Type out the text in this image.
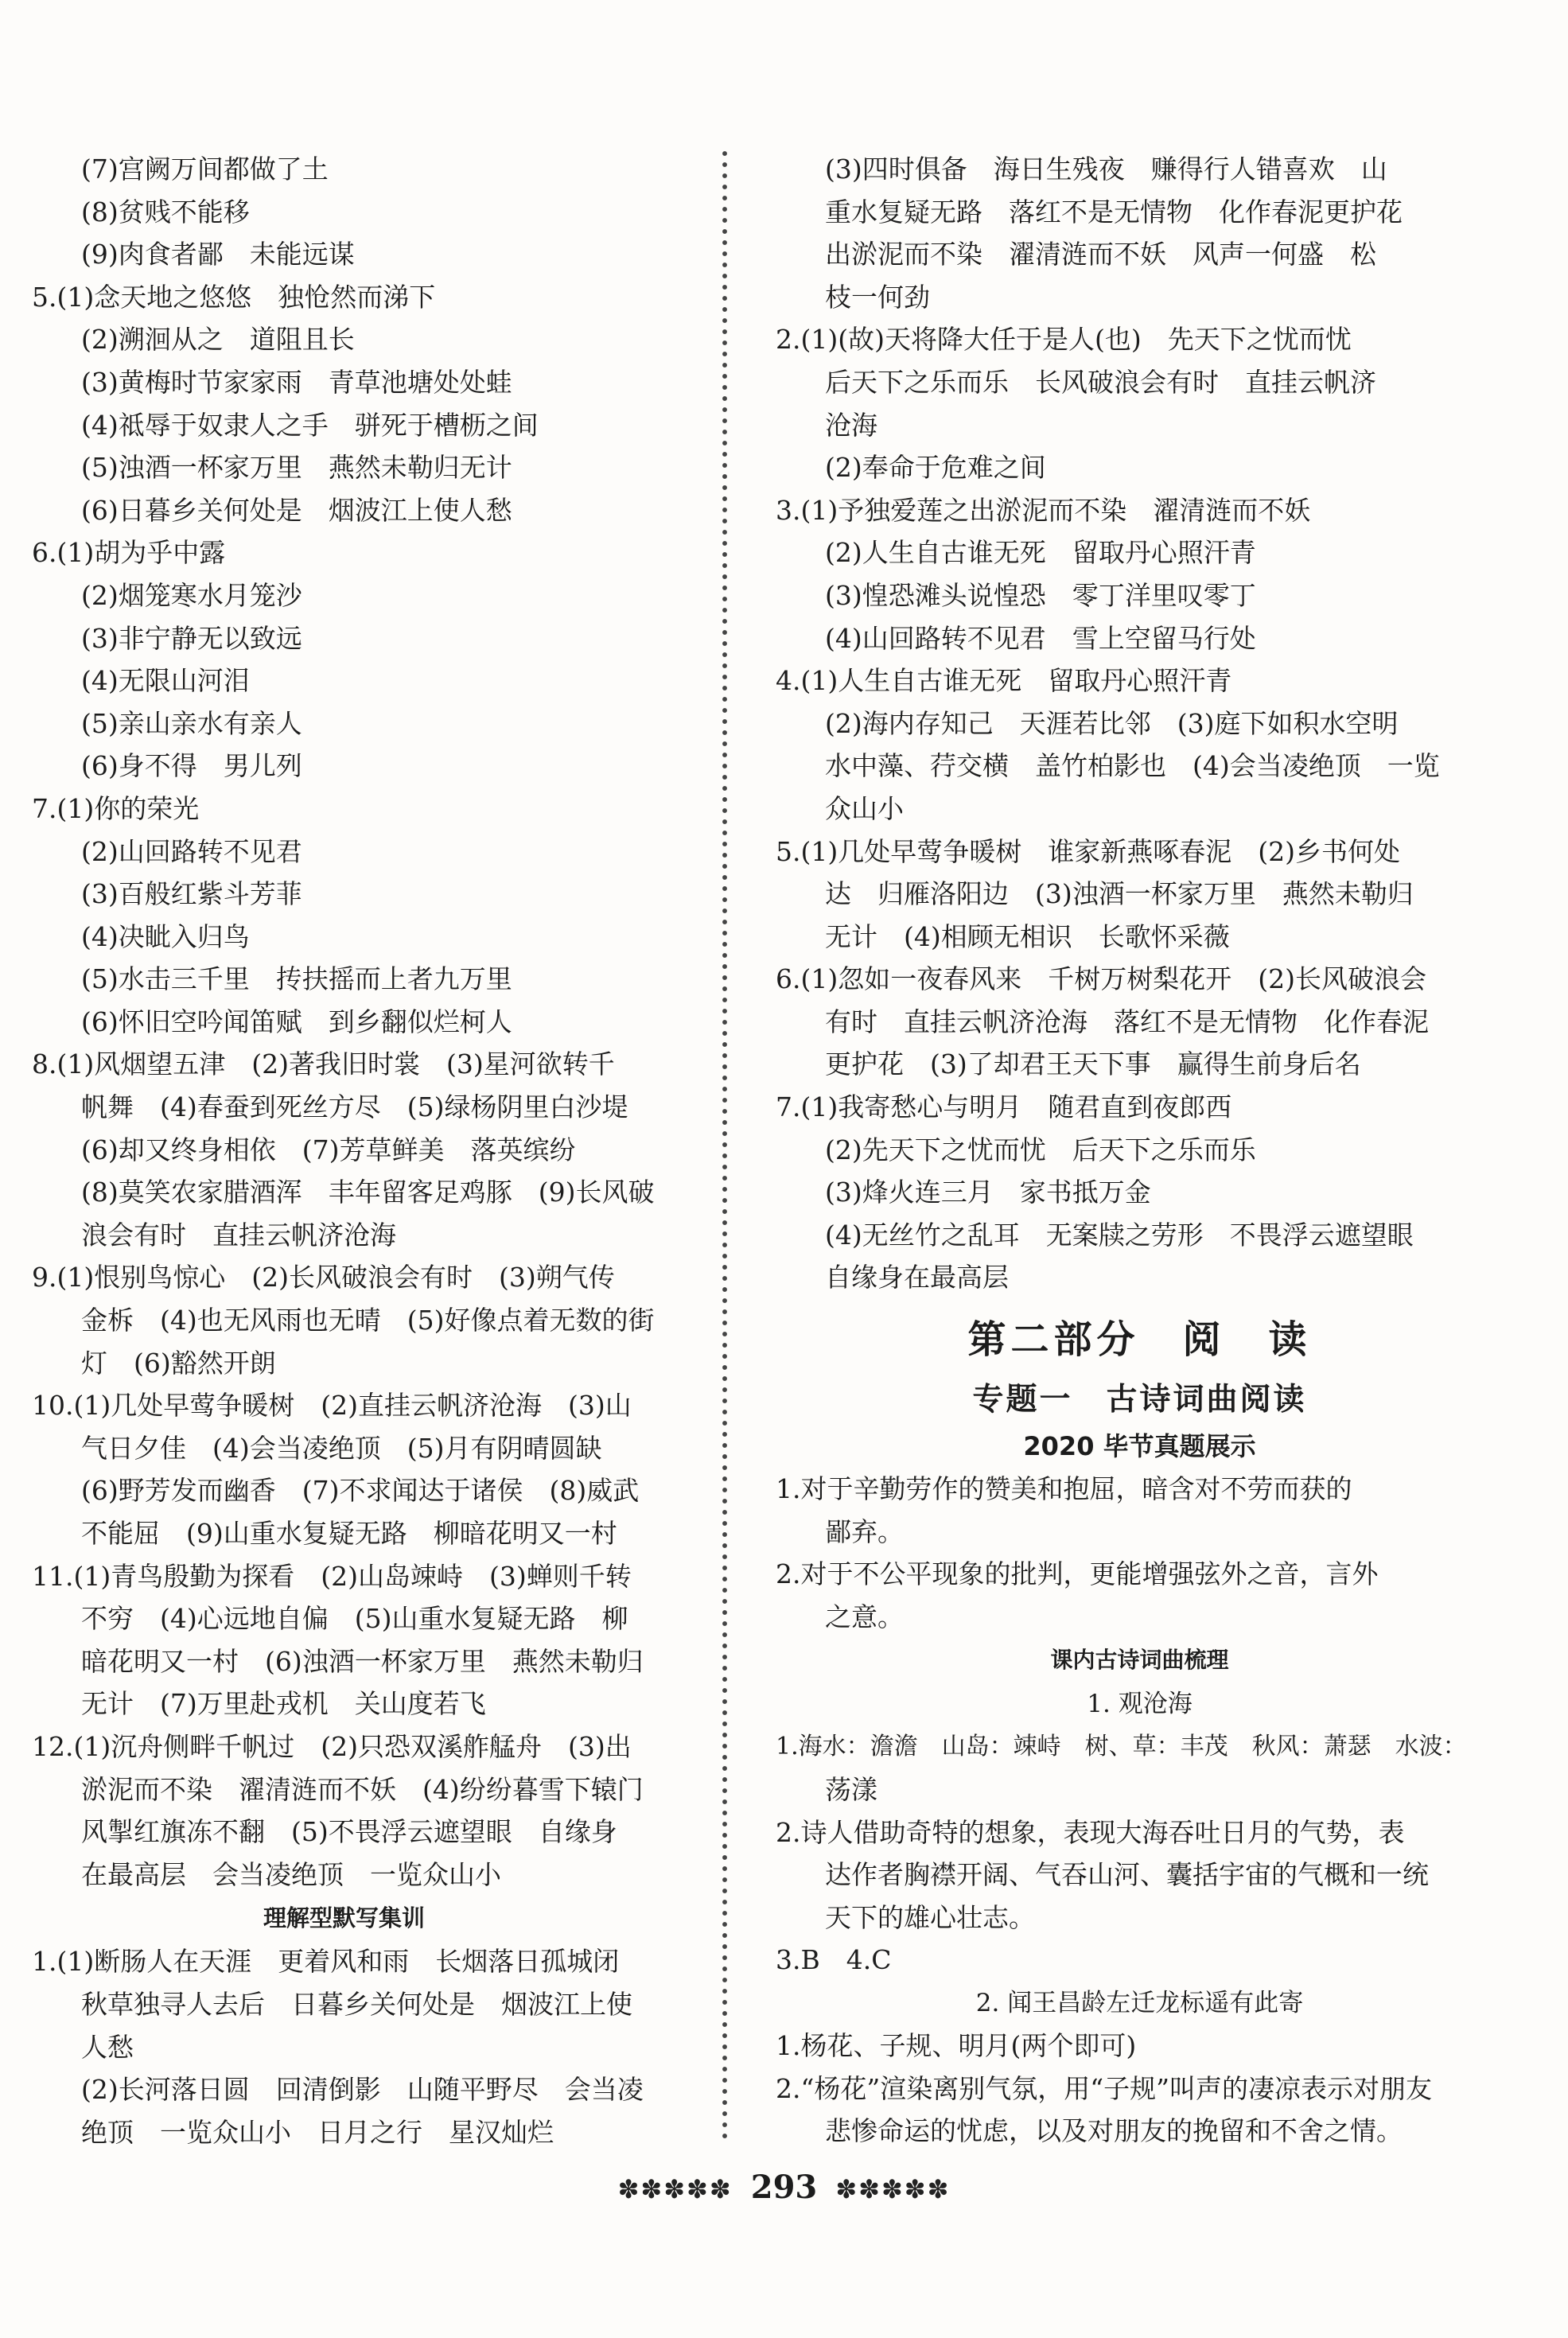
(7)宫阙万间都做了土
(8)贫贱不能移
(9)肉食者鄙　未能远谋
5.(1)念天地之悠悠　独怆然而涕下
(2)溯洄从之　道阻且长
(3)黄梅时节家家雨　青草池塘处处蛙
(4)祗辱于奴隶人之手　骈死于槽枥之间
(5)浊酒一杯家万里　燕然未勒归无计
(6)日暮乡关何处是　烟波江上使人愁
6.(1)胡为乎中露
(2)烟笼寒水月笼沙
(3)非宁静无以致远
(4)无限山河泪
(5)亲山亲水有亲人
(6)身不得　男儿列
7.(1)你的荣光
(2)山回路转不见君
(3)百般红紫斗芳菲
(4)决眦入归鸟
(5)水击三千里　抟扶摇而上者九万里
(6)怀旧空吟闻笛赋　到乡翻似烂柯人
8.(1)风烟望五津　(2)著我旧时裳　(3)星河欲转千
帆舞　(4)春蚕到死丝方尽　(5)绿杨阴里白沙堤
(6)却又终身相依　(7)芳草鲜美　落英缤纷
(8)莫笑农家腊酒浑　丰年留客足鸡豚　(9)长风破
浪会有时　直挂云帆济沧海
9.(1)恨别鸟惊心　(2)长风破浪会有时　(3)朔气传
金柝　(4)也无风雨也无晴　(5)好像点着无数的街
灯　(6)豁然开朗
10.(1)几处早莺争暖树　(2)直挂云帆济沧海　(3)山
气日夕佳　(4)会当凌绝顶　(5)月有阴晴圆缺
(6)野芳发而幽香　(7)不求闻达于诸侯　(8)威武
不能屈　(9)山重水复疑无路　柳暗花明又一村
11.(1)青鸟殷勤为探看　(2)山岛竦峙　(3)蝉则千转
不穷　(4)心远地自偏　(5)山重水复疑无路　柳
暗花明又一村　(6)浊酒一杯家万里　燕然未勒归
无计　(7)万里赴戎机　关山度若飞
12.(1)沉舟侧畔千帆过　(2)只恐双溪舴艋舟　(3)出
淤泥而不染　濯清涟而不妖　(4)纷纷暮雪下辕门
风掣红旗冻不翻　(5)不畏浮云遮望眼　自缘身
在最高层　会当凌绝顶　一览众山小
理解型默写集训
1.(1)断肠人在天涯　更着风和雨　长烟落日孤城闭
秋草独寻人去后　日暮乡关何处是　烟波江上使
人愁
(2)长河落日圆　回清倒影　山随平野尽　会当凌
绝顶　一览众山小　日月之行　星汉灿烂
(3)四时俱备　海日生残夜　赚得行人错喜欢　山
重水复疑无路　落红不是无情物　化作春泥更护花
出淤泥而不染　濯清涟而不妖　风声一何盛　松
枝一何劲
2.(1)(故)天将降大任于是人(也)　先天下之忧而忧
后天下之乐而乐　长风破浪会有时　直挂云帆济
沧海
(2)奉命于危难之间
3.(1)予独爱莲之出淤泥而不染　濯清涟而不妖
(2)人生自古谁无死　留取丹心照汗青
(3)惶恐滩头说惶恐　零丁洋里叹零丁
(4)山回路转不见君　雪上空留马行处
4.(1)人生自古谁无死　留取丹心照汗青
(2)海内存知己　天涯若比邻　(3)庭下如积水空明
水中藻、荇交横　盖竹柏影也　(4)会当凌绝顶　一览
众山小
5.(1)几处早莺争暖树　谁家新燕啄春泥　(2)乡书何处
达　归雁洛阳边　(3)浊酒一杯家万里　燕然未勒归
无计　(4)相顾无相识　长歌怀采薇
6.(1)忽如一夜春风来　千树万树梨花开　(2)长风破浪会
有时　直挂云帆济沧海　落红不是无情物　化作春泥
更护花　(3)了却君王天下事　赢得生前身后名
7.(1)我寄愁心与明月　随君直到夜郎西
(2)先天下之忧而忧　后天下之乐而乐
(3)烽火连三月　家书抵万金
(4)无丝竹之乱耳　无案牍之劳形　不畏浮云遮望眼
自缘身在最高层
第二部分　阅　读
专题一　古诗词曲阅读
2020 毕节真题展示
1.对于辛勤劳作的赞美和抱屈，暗含对不劳而获的
鄙弃。
2.对于不公平现象的批判，更能增强弦外之音，言外
之意。
课内古诗词曲梳理
1. 观沧海
1.海水：澹澹　山岛：竦峙　树、草：丰茂　秋风：萧瑟　水波：
荡漾
2.诗人借助奇特的想象，表现大海吞吐日月的气势，表
达作者胸襟开阔、气吞山河、囊括宇宙的气概和一统
天下的雄心壮志。
3.B　4.C
2. 闻王昌龄左迁龙标遥有此寄
1.杨花、子规、明月(两个即可)
2.“杨花”渲染离别气氛，用“子规”叫声的凄凉表示对朋友
悲惨命运的忧虑，以及对朋友的挽留和不舍之情。
✽✽✽✽✽ 293 ✽✽✽✽✽
